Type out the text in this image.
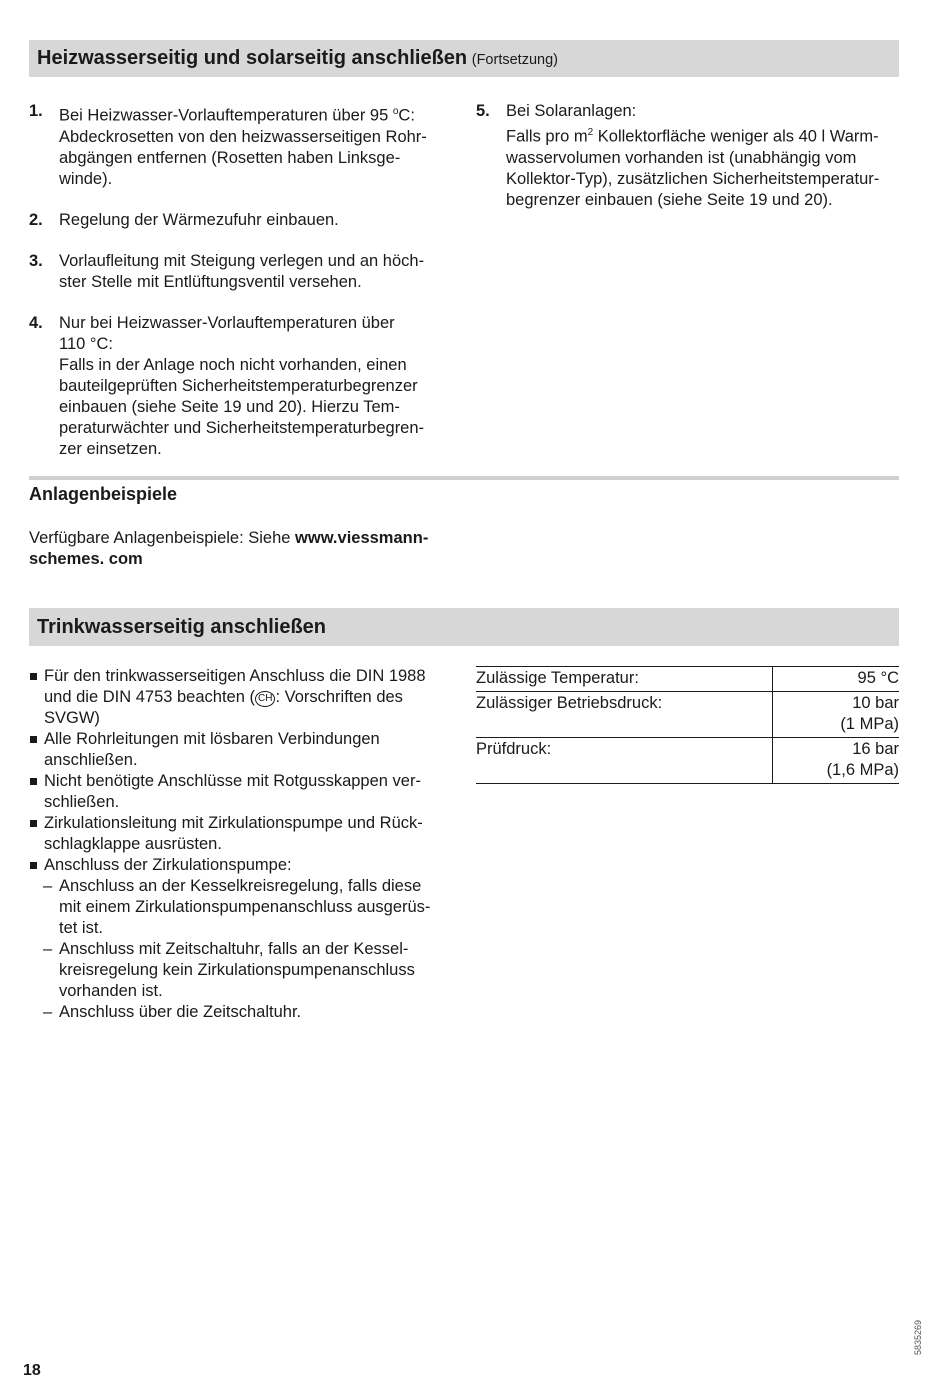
Heizwasserseitig und solarseitig anschließen (Fortsetzung)
1. Bei Heizwasser-Vorlauftemperaturen über 95 $^o$C:
Abdeckrosetten von den heizwasserseitigen Rohr-
abgängen entfernen (Rosetten haben Linksge-
winde).
2. Regelung der Wärmezufuhr einbauen.
3. Vorlaufleitung mit Steigung verlegen und an höch-
ster Stelle mit Entlüftungsventil versehen.
4. Nur bei Heizwasser-Vorlauftemperaturen über
110 °C:
Falls in der Anlage noch nicht vorhanden, einen
bauteilgeprüften Sicherheitstemperaturbegrenzer
einbauen (siehe Seite 19 und 20). Hierzu Tem-
peraturwächter und Sicherheitstemperaturbegren-
zer einsetzen.
5. Bei Solaranlagen:
Falls pro $m^2$ Kollektorfläche weniger als 40 l Warm-
wasservolumen vorhanden ist (unabhängig vom
Kollektor-Typ), zusätzlichen Sicherheitstemperatur-
begrenzer einbauen (siehe Seite 19 und 20).
Anlagenbeispiele
Verfügbare Anlagenbeispiele: Siehe www.viessmann-
schemes. com
Trinkwasserseitig anschließen
Für den trinkwasserseitigen Anschluss die DIN 1988
und die DIN 4753 beachten ( CH : Vorschriften des
SVGW)
Alle Rohrleitungen mit lösbaren Verbindungen
anschließen.
Nicht benötigte Anschlüsse mit Rotgusskappen ver-
schließen.
Zirkulationsleitung mit Zirkulationspumpe und Rück-
schlagklappe ausrüsten.
Anschluss der Zirkulationspumpe:
– Anschluss an der Kesselkreisregelung, falls diese
mit einem Zirkulationspumpenanschluss ausgerüs-
tet ist.
– Anschluss mit Zeitschaltuhr, falls an der Kessel-
kreisregelung kein Zirkulationspumpenanschluss
vorhanden ist.
– Anschluss über die Zeitschaltuhr.
Zulässige Temperatur:	95 °C

Zulässiger Betriebsdruck:	10 bar
(1 MPa)

Prüfdruck:	16 bar
(1,6 MPa)
18
5835269
